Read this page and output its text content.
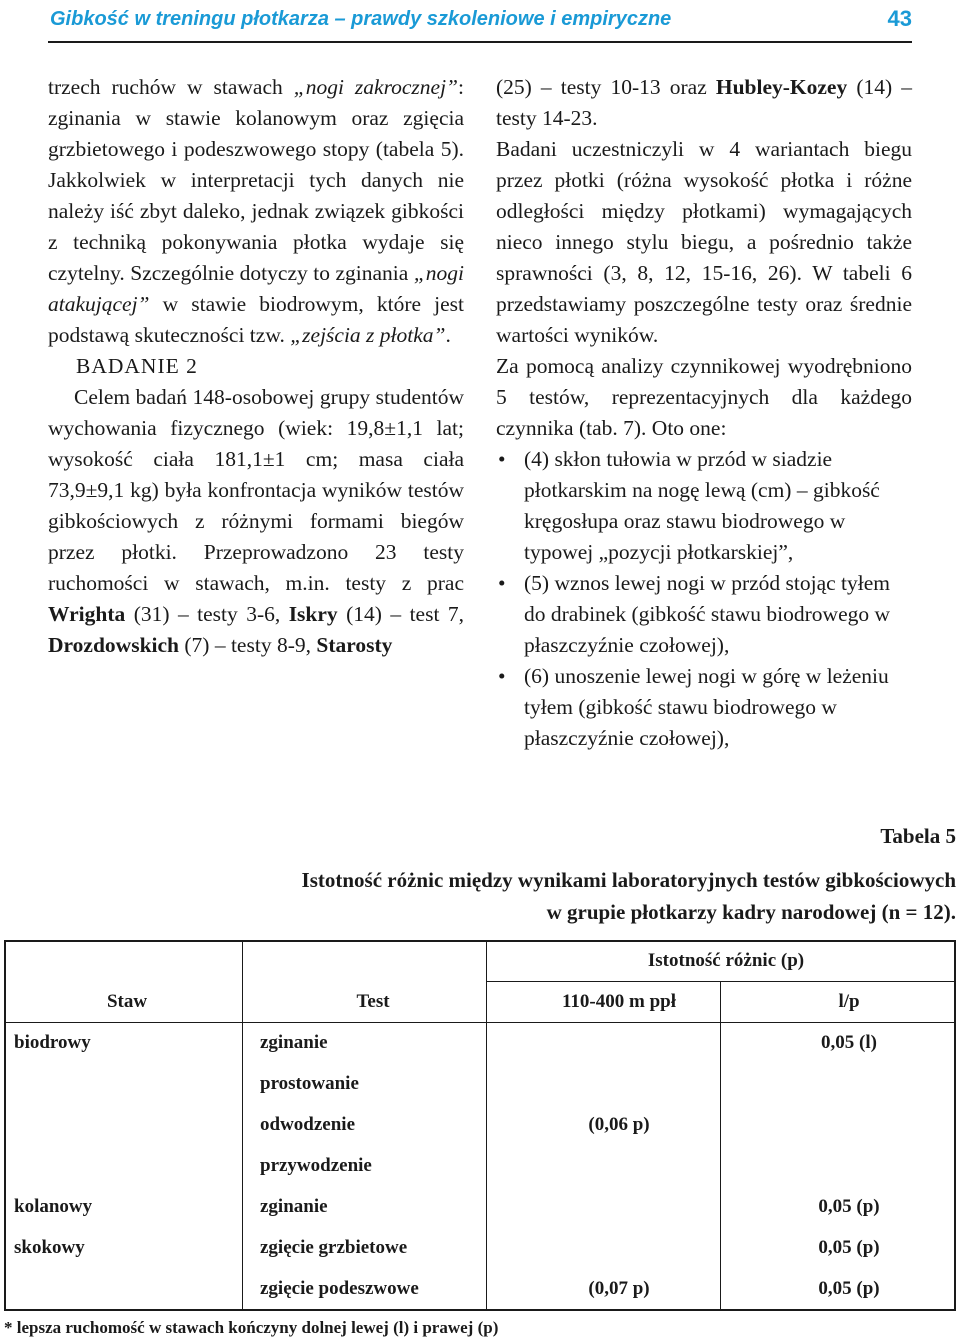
Gibkość w treningu płotkarza – prawdy szkoleniowe i empiryczne	43

trzech ruchów w stawach „nogi zakrocznej”: zginania w stawie kolanowym oraz zgięcia grzbietowego i podeszwowego stopy (tabela 5). Jakkolwiek w interpretacji tych danych nie należy iść zbyt daleko, jednak związek gibkości z techniką pokonywania płotka wydaje się czytelny. Szczególnie dotyczy to zginania „nogi atakującej” w stawie biodrowym, które jest podstawą skuteczności tzw. „zejścia z płotka”.

BADANIE 2

Celem badań 148-osobowej grupy studentów wychowania fizycznego (wiek: 19,8±1,1 lat; wysokość ciała 181,1±1 cm; masa ciała 73,9±9,1 kg) była konfrontacja wyników testów gibkościowych z różnymi formami biegów przez płotki. Przeprowadzono 23 testy ruchomości w stawach, m.in. testy z prac Wrighta (31) – testy 3-6, Iskry (14) – test 7, Drozdowskich (7) – testy 8-9, Starosty

(25) – testy 10-13 oraz Hubley-Kozey (14) – testy 14-23.

Badani uczestniczyli w 4 wariantach biegu przez płotki (różna wysokość płotka i różne odległości między płotkami) wymagających nieco innego stylu biegu, a pośrednio także sprawności (3, 8, 12, 15-16, 26). W tabeli 6 przedstawiamy poszczególne testy oraz średnie wartości wyników.

Za pomocą analizy czynnikowej wyodrębniono 5 testów, reprezentacyjnych dla każdego czynnika (tab. 7). Oto one:

• (4) skłon tułowia w przód w siadzie płotkarskim na nogę lewą (cm) – gibkość kręgosłupa oraz stawu biodrowego w typowej „pozycji płotkarskiej”,
• (5) wznos lewej nogi w przód stojąc tyłem do drabinek (gibkość stawu biodrowego w płaszczyźnie czołowej),
• (6) unoszenie lewej nogi w górę w leżeniu tyłem (gibkość stawu biodrowego w płaszczyźnie czołowej),
Tabela 5
Istotność różnic między wynikami laboratoryjnych testów gibkościowych
w grupie płotkarzy kadry narodowej (n = 12).
		Istotność różnic (p)	
Staw	Test	110-400 m ppł	l/p
biodrowy	zginanie		0,05 (l)
	prostowanie		
	odwodzenie	(0,06 p)	
	przywodzenie		
kolanowy	zginanie		0,05 (p)
skokowy	zgięcie grzbietowe		0,05 (p)
	zgięcie podeszwowe	(0,07 p)	0,05 (p)
* lepsza ruchomość w stawach kończyny dolnej lewej (l) i prawej (p)
